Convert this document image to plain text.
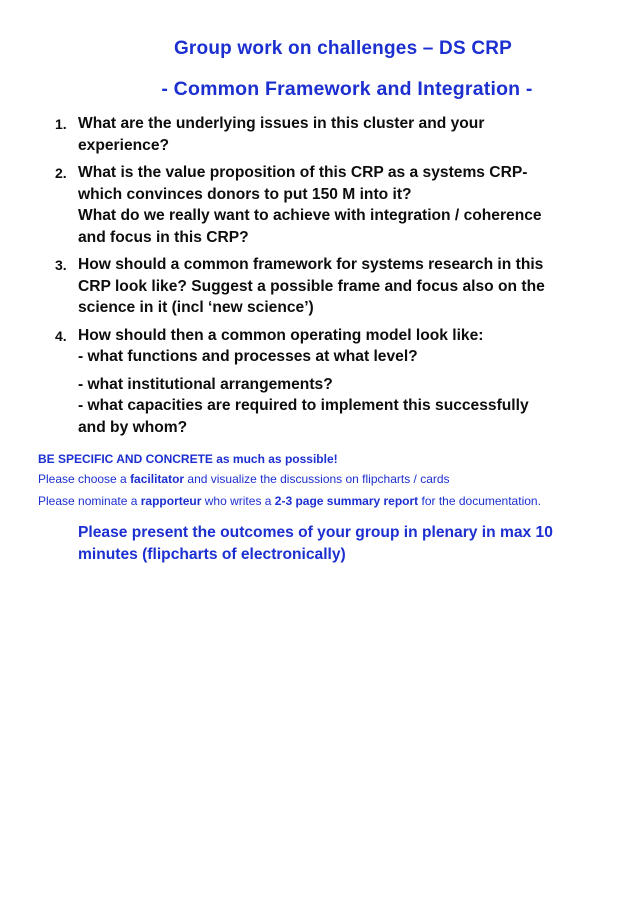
Group work on challenges – DS CRP
- Common Framework and Integration -
1. What are the underlying issues in this cluster and your
experience?
2. What is the value proposition of this CRP as a systems CRP-
which convinces donors to put 150 M into it?
What do we really want to achieve with integration / coherence
and focus in this CRP?
3. How should a common framework for systems research in this
CRP look like? Suggest a possible frame and focus also on the
science in it (incl ‘new science’)
4. How should then a common operating model look like:
- what functions and processes at what level?
- what institutional arrangements?
- what capacities are required to implement this successfully
and by whom?
BE SPECIFIC AND CONCRETE as much as possible!
Please choose a facilitator and visualize the discussions on flipcharts / cards
Please nominate a rapporteur who writes a 2-3 page summary report for the documentation.
Please present the outcomes of your group in plenary in max 10
minutes (flipcharts of electronically)
